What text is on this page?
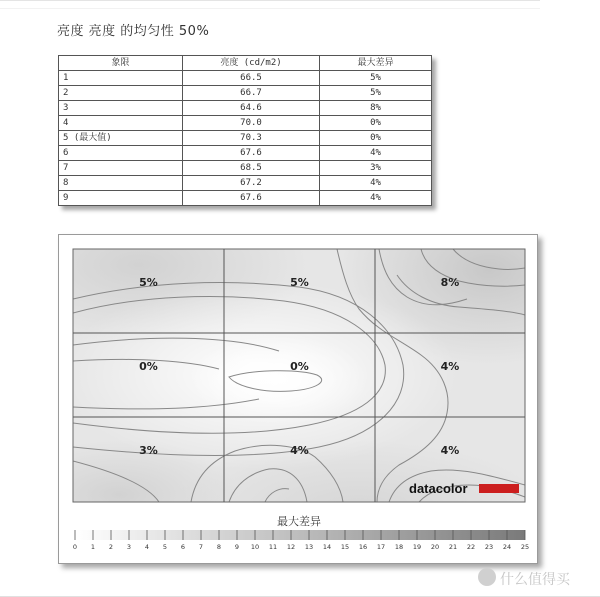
亮度 亮度 的均匀性 50%
象限	亮度 (cd/m2)	最大差异
1	66.5	5%
2	66.7	5%
3	64.6	8%
4	70.0	0%
5 (最大值)	70.3	0%
6	67.6	4%
7	68.5	3%
8	67.2	4%
9	67.6	4%
5%	5%	8%
0%	0%	4%
3%	4%	4%
datacolor
最大差异
0 1 2 3 4 5 6 7 8 9 10 11 12 13 14 15 16 17 18 19 20 21 22 23 24 25
什么值得买
